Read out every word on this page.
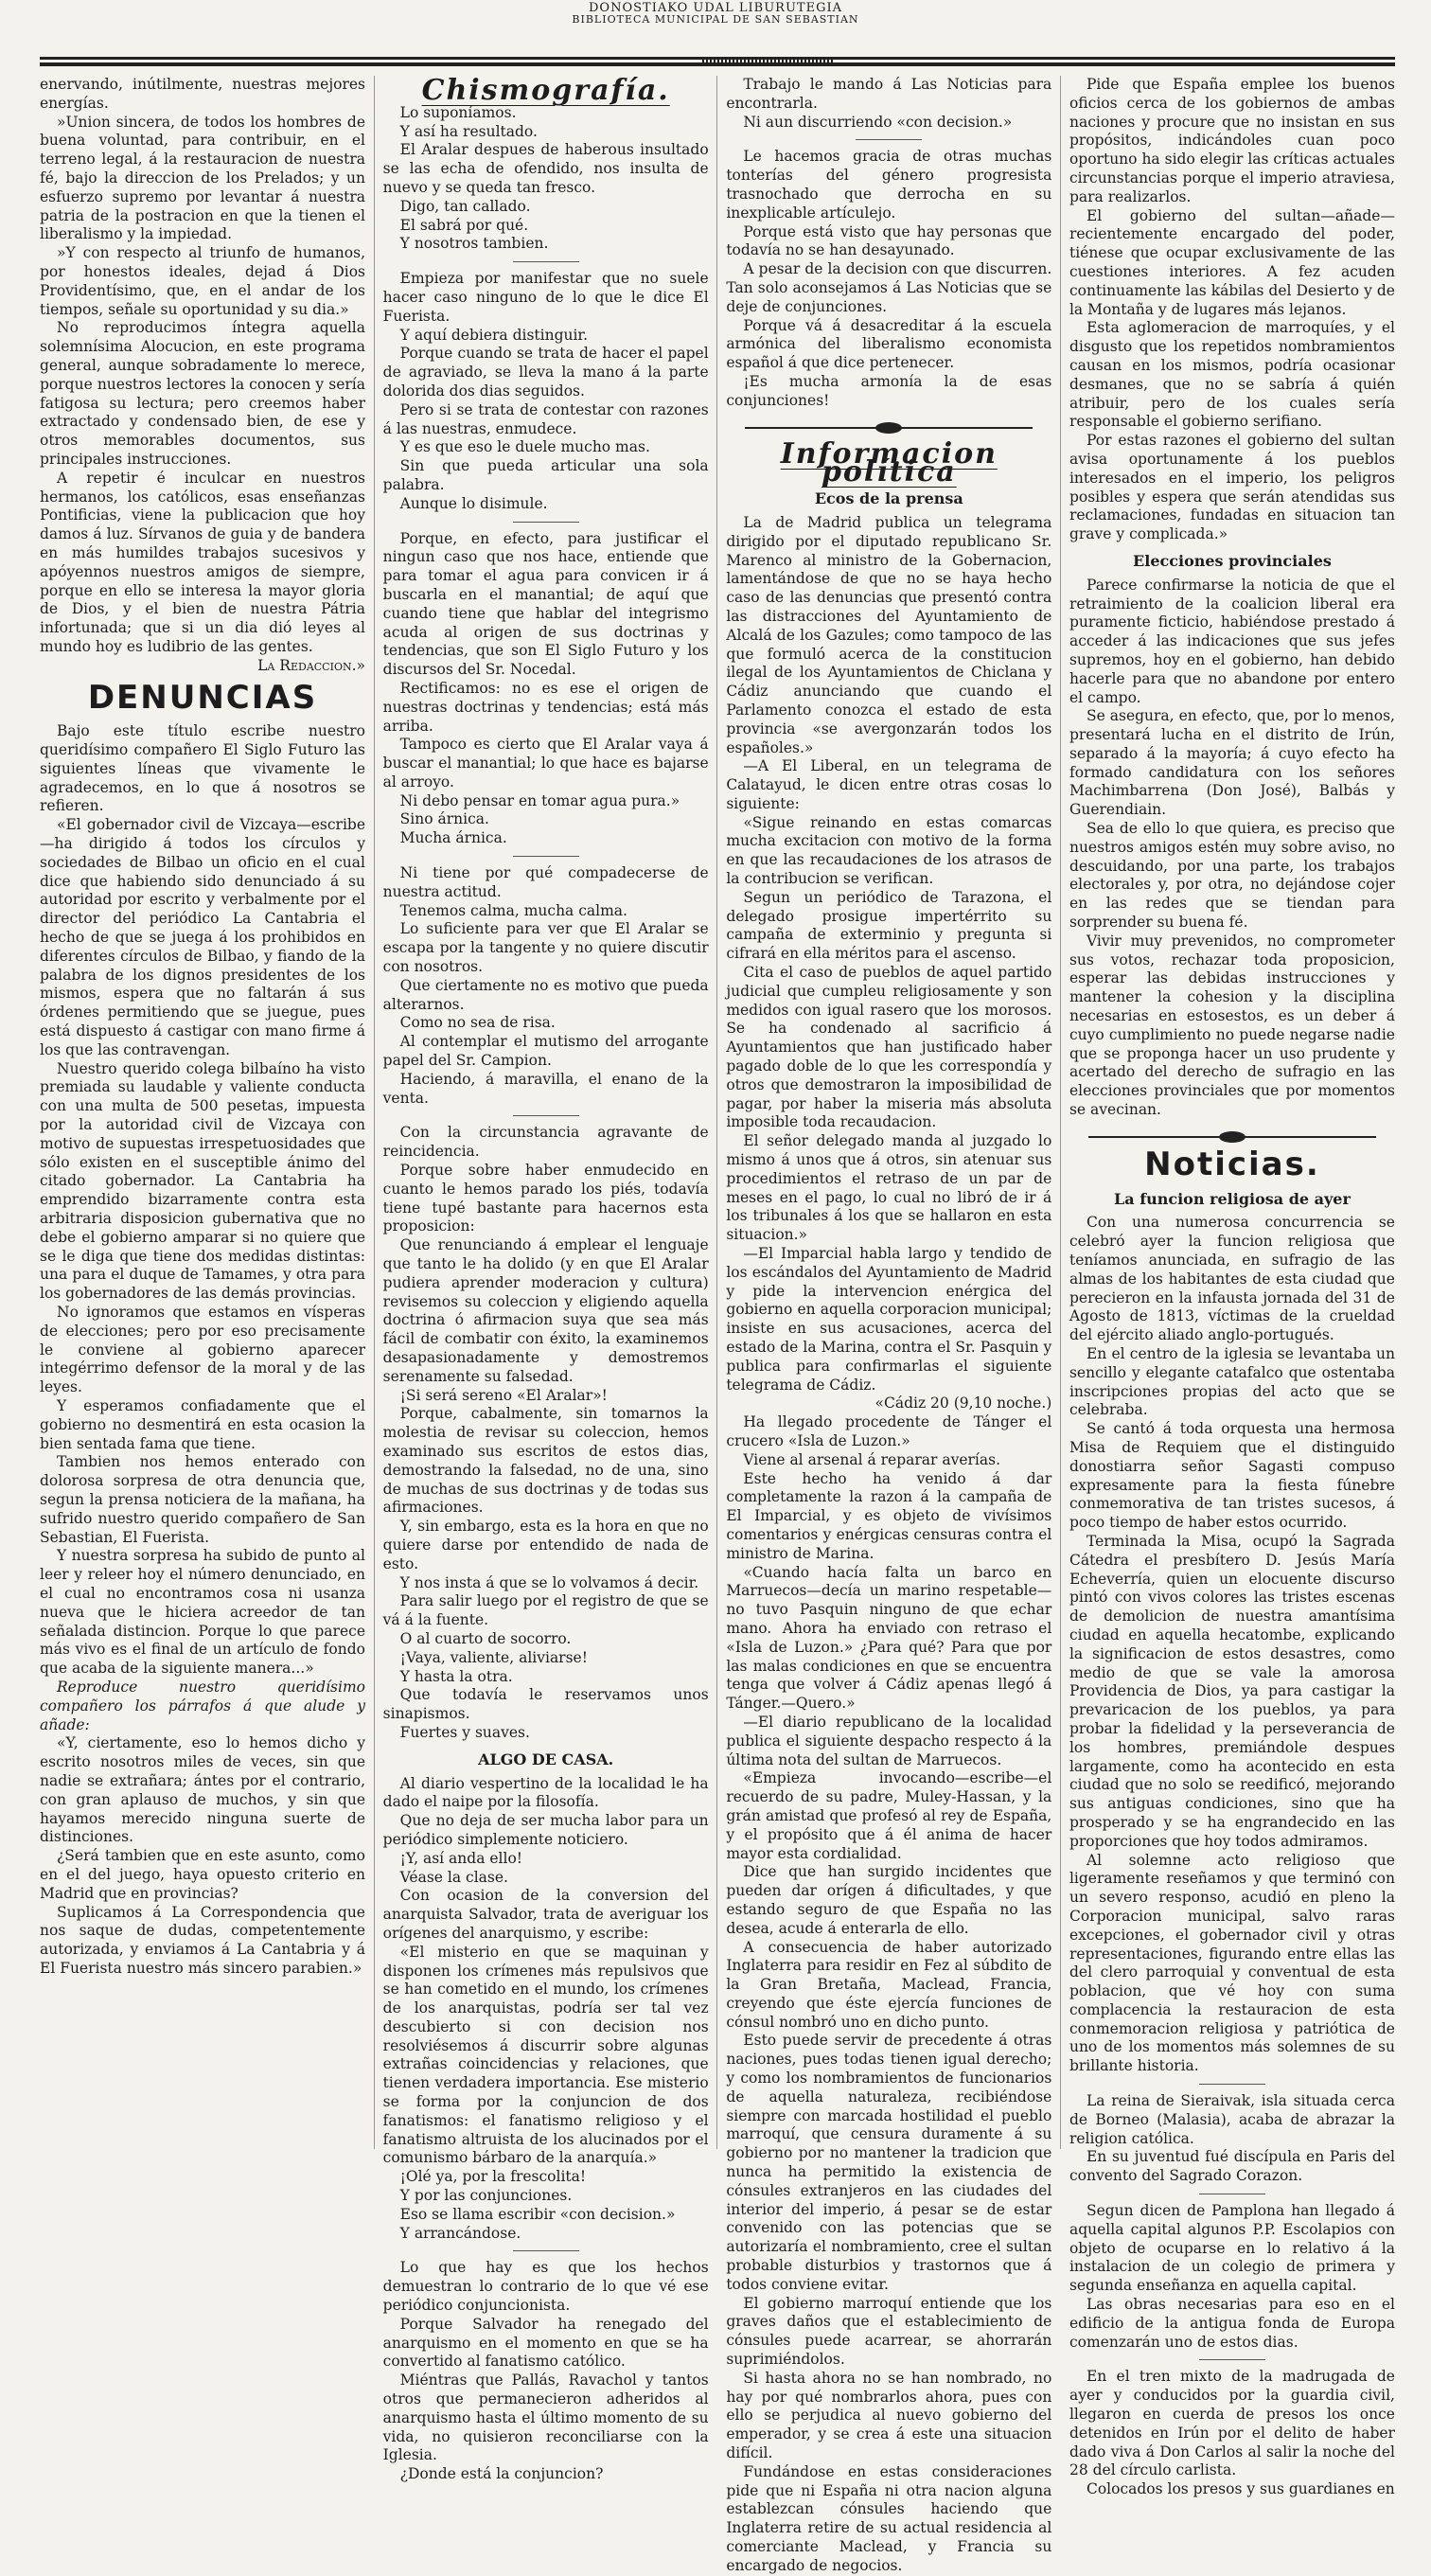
DONOSTIAKO UDAL LIBURUTEGIA
BIBLIOTECA MUNICIPAL DE SAN SEBASTIAN

enervando, inútilmente, nuestras mejores energías.

»Union sincera, de todos los hombres de buena voluntad, para contribuir, en el terreno legal, á la restauracion de nuestra fé, bajo la direccion de los Prelados; y un esfuerzo supremo por levantar á nuestra patria de la postracion en que la tienen el liberalismo y la impiedad.

»Y con respecto al triunfo de humanos, por honestos ideales, dejad á Dios Providentísimo, que, en el andar de los tiempos, señale su oportunidad y su dia.»

No reproducimos íntegra aquella solemnísima Alocucion, en este programa general, aunque sobradamente lo merece, porque nuestros lectores la conocen y sería fatigosa su lectura; pero creemos haber extractado y condensado bien, de ese y otros memorables documentos, sus principales instrucciones.

A repetir é inculcar en nuestros hermanos, los católicos, esas enseñanzas Pontificias, viene la publicacion que hoy damos á luz. Sírvanos de guia y de bandera en más humildes trabajos sucesivos y apóyennos nuestros amigos de siempre, porque en ello se interesa la mayor gloria de Dios, y el bien de nuestra Pátria infortunada; que si un dia dió leyes al mundo hoy es ludibrio de las gentes.

La Redaccion.»

DENUNCIAS

Bajo este título escribe nuestro queridísimo compañero El Siglo Futuro las siguientes líneas que vivamente le agradecemos, en lo que á nosotros se refieren.

«El gobernador civil de Vizcaya—escribe—ha dirigido á todos los círculos y sociedades de Bilbao un oficio en el cual dice que habiendo sido denunciado á su autoridad por escrito y verbalmente por el director del periódico La Cantabria el hecho de que se juega á los prohibidos en diferentes círculos de Bilbao, y fiando de la palabra de los dignos presidentes de los mismos, espera que no faltarán á sus órdenes permitiendo que se juegue, pues está dispuesto á castigar con mano firme á los que las contravengan.

Nuestro querido colega bilbaíno ha visto premiada su laudable y valiente conducta con una multa de 500 pesetas, impuesta por la autoridad civil de Vizcaya con motivo de supuestas irrespetuosidades que sólo existen en el susceptible ánimo del citado gobernador. La Cantabria ha emprendido bizarramente contra esta arbitraria disposicion gubernativa que no debe el gobierno amparar si no quiere que se le diga que tiene dos medidas distintas: una para el duque de Tamames, y otra para los gobernadores de las demás provincias.

No ignoramos que estamos en vísperas de elecciones; pero por eso precisamente le conviene al gobierno aparecer integérrimo defensor de la moral y de las leyes.

Y esperamos confiadamente que el gobierno no desmentirá en esta ocasion la bien sentada fama que tiene.

Tambien nos hemos enterado con dolorosa sorpresa de otra denuncia que, segun la prensa noticiera de la mañana, ha sufrido nuestro querido compañero de San Sebastian, El Fuerista.

Y nuestra sorpresa ha subido de punto al leer y releer hoy el número denunciado, en el cual no encontramos cosa ni usanza nueva que le hiciera acreedor de tan señalada distincion. Porque lo que parece más vivo es el final de un artículo de fondo que acaba de la siguiente manera...»

Reproduce nuestro queridísimo compañero los párrafos á que alude y añade:

«Y, ciertamente, eso lo hemos dicho y escrito nosotros miles de veces, sin que nadie se extrañara; ántes por el contrario, con gran aplauso de muchos, y sin que hayamos merecido ninguna suerte de distinciones.

¿Será tambien que en este asunto, como en el del juego, haya opuesto criterio en Madrid que en provincias?

Suplicamos á La Correspondencia que nos saque de dudas, competentemente autorizada, y enviamos á La Cantabria y á El Fuerista nuestro más sincero parabien.»

Chismografía.

Lo suponíamos.

Y así ha resultado.

El Aralar despues de haberous insultado se las echa de ofendido, nos insulta de nuevo y se queda tan fresco.

Digo, tan callado.

El sabrá por qué.

Y nosotros tambien.

Empieza por manifestar que no suele hacer caso ninguno de lo que le dice El Fuerista.

Y aquí debiera distinguir.

Porque cuando se trata de hacer el papel de agraviado, se lleva la mano á la parte dolorida dos dias seguidos.

Pero si se trata de contestar con razones á las nuestras, enmudece.

Y es que eso le duele mucho mas.

Sin que pueda articular una sola palabra.

Aunque lo disimule.

Porque, en efecto, para justificar el ningun caso que nos hace, entiende que para tomar el agua para convicen ir á buscarla en el manantial; de aquí que cuando tiene que hablar del integrismo acuda al origen de sus doctrinas y tendencias, que son El Siglo Futuro y los discursos del Sr. Nocedal.

Rectificamos: no es ese el origen de nuestras doctrinas y tendencias; está más arriba.

Tampoco es cierto que El Aralar vaya á buscar el manantial; lo que hace es bajarse al arroyo.

Ni debo pensar en tomar agua pura.»

Sino árnica.

Mucha árnica.

Ni tiene por qué compadecerse de nuestra actitud.

Tenemos calma, mucha calma.

Lo suficiente para ver que El Aralar se escapa por la tangente y no quiere discutir con nosotros.

Que ciertamente no es motivo que pueda alterarnos.

Como no sea de risa.

Al contemplar el mutismo del arrogante papel del Sr. Campion.

Haciendo, á maravilla, el enano de la venta.

Con la circunstancia agravante de reincidencia.

Porque sobre haber enmudecido en cuanto le hemos parado los piés, todavía tiene tupé bastante para hacernos esta proposicion:

Que renunciando á emplear el lenguaje que tanto le ha dolido (y en que El Aralar pudiera aprender moderacion y cultura) revisemos su coleccion y eligiendo aquella doctrina ó afirmacion suya que sea más fácil de combatir con éxito, la examinemos desapasionadamente y demostremos serenamente su falsedad.

¡Si será sereno «El Aralar»!

Porque, cabalmente, sin tomarnos la molestia de revisar su coleccion, hemos examinado sus escritos de estos dias, demostrando la falsedad, no de una, sino de muchas de sus doctrinas y de todas sus afirmaciones.

Y, sin embargo, esta es la hora en que no quiere darse por entendido de nada de esto.

Y nos insta á que se lo volvamos á decir.

Para salir luego por el registro de que se vá á la fuente.

O al cuarto de socorro.

¡Vaya, valiente, aliviarse!

Y hasta la otra.

Que todavía le reservamos unos sinapismos.

Fuertes y suaves.

ALGO DE CASA.

Al diario vespertino de la localidad le ha dado el naipe por la filosofía.

Que no deja de ser mucha labor para un periódico simplemente noticiero.

¡Y, así anda ello!

Véase la clase.

Con ocasion de la conversion del anarquista Salvador, trata de averiguar los orígenes del anarquismo, y escribe:

«El misterio en que se maquinan y disponen los crímenes más repulsivos que se han cometido en el mundo, los crímenes de los anarquistas, podría ser tal vez descubierto si con decision nos resolviésemos á discurrir sobre algunas extrañas coincidencias y relaciones, que tienen verdadera importancia. Ese misterio se forma por la conjuncion de dos fanatismos: el fanatismo religioso y el fanatismo altruista de los alucinados por el comunismo bárbaro de la anarquía.»

¡Olé ya, por la frescolita!

Y por las conjunciones.

Eso se llama escribir «con decision.»

Y arrancándose.

Lo que hay es que los hechos demuestran lo contrario de lo que vé ese periódico conjuncionista.

Porque Salvador ha renegado del anarquismo en el momento en que se ha convertido al fanatismo católico.

Miéntras que Pallás, Ravachol y tantos otros que permanecieron adheridos al anarquismo hasta el último momento de su vida, no quisieron reconciliarse con la Iglesia.

¿Donde está la conjuncion?

Trabajo le mando á Las Noticias para encontrarla.

Ni aun discurriendo «con decision.»

Le hacemos gracia de otras muchas tonterías del género progresista trasnochado que derrocha en su inexplicable artículejo.

Porque está visto que hay personas que todavía no se han desayunado.

A pesar de la decision con que discurren. Tan solo aconsejamos á Las Noticias que se deje de conjunciones.

Porque vá á desacreditar á la escuela armónica del liberalismo economista español á que dice pertenecer.

¡Es mucha armonía la de esas conjunciones!

Informacion política
Ecos de la prensa

La de Madrid publica un telegrama dirigido por el diputado republicano Sr. Marenco al ministro de la Gobernacion, lamentándose de que no se haya hecho caso de las denuncias que presentó contra las distracciones del Ayuntamiento de Alcalá de los Gazules; como tampoco de las que formuló acerca de la constitucion ilegal de los Ayuntamientos de Chiclana y Cádiz anunciando que cuando el Parlamento conozca el estado de esta provincia «se avergonzarán todos los españoles.»

—A El Liberal, en un telegrama de Calatayud, le dicen entre otras cosas lo siguiente:

«Sigue reinando en estas comarcas mucha excitacion con motivo de la forma en que las recaudaciones de los atrasos de la contribucion se verifican.

Segun un periódico de Tarazona, el delegado prosigue impertérrito su campaña de exterminio y pregunta si cifrará en ella méritos para el ascenso.

Cita el caso de pueblos de aquel partido judicial que cumpleu religiosamente y son medidos con igual rasero que los morosos. Se ha condenado al sacrificio á Ayuntamientos que han justificado haber pagado doble de lo que les correspondía y otros que demostraron la imposibilidad de pagar, por haber la miseria más absoluta imposible toda recaudacion.

El señor delegado manda al juzgado lo mismo á unos que á otros, sin atenuar sus procedimientos el retraso de un par de meses en el pago, lo cual no libró de ir á los tribunales á los que se hallaron en esta situacion.»

—El Imparcial habla largo y tendido de los escándalos del Ayuntamiento de Madrid y pide la intervencion enérgica del gobierno en aquella corporacion municipal; insiste en sus acusaciones, acerca del estado de la Marina, contra el Sr. Pasquin y publica para confirmarlas el siguiente telegrama de Cádiz.

«Cádiz 20 (9,10 noche.)

Ha llegado procedente de Tánger el crucero «Isla de Luzon.»

Viene al arsenal á reparar averías.

Este hecho ha venido á dar completamente la razon á la campaña de El Imparcial, y es objeto de vivísimos comentarios y enérgicas censuras contra el ministro de Marina.

«Cuando hacía falta un barco en Marruecos—decía un marino respetable—no tuvo Pasquin ninguno de que echar mano. Ahora ha enviado con retraso el «Isla de Luzon.» ¿Para qué? Para que por las malas condiciones en que se encuentra tenga que volver á Cádiz apenas llegó á Tánger.—Quero.»

—El diario republicano de la localidad publica el siguiente despacho respecto á la última nota del sultan de Marruecos.

«Empieza invocando—escribe—el recuerdo de su padre, Muley-Hassan, y la grán amistad que profesó al rey de España, y el propósito que á él anima de hacer mayor esta cordialidad.

Dice que han surgido incidentes que pueden dar orígen á dificultades, y que estando seguro de que España no las desea, acude á enterarla de ello.

A consecuencia de haber autorizado Inglaterra para residir en Fez al súbdito de la Gran Bretaña, Maclead, Francia, creyendo que éste ejercía funciones de cónsul nombró uno en dicho punto.

Esto puede servir de precedente á otras naciones, pues todas tienen igual derecho; y como los nombramientos de funcionarios de aquella naturaleza, recibiéndose siempre con marcada hostilidad el pueblo marroquí, que censura duramente á su gobierno por no mantener la tradicion que nunca ha permitido la existencia de cónsules extranjeros en las ciudades del interior del imperio, á pesar se de estar convenido con las potencias que se autorizaría el nombramiento, cree el sultan probable disturbios y trastornos que á todos conviene evitar.

El gobierno marroquí entiende que los graves daños que el establecimiento de cónsules puede acarrear, se ahorrarán suprimiéndolos.

Si hasta ahora no se han nombrado, no hay por qué nombrarlos ahora, pues con ello se perjudica al nuevo gobierno del emperador, y se crea á este una situacion difícil.

Fundándose en estas consideraciones pide que ni España ni otra nacion alguna establezcan cónsules haciendo que Inglaterra retire de su actual residencia al comerciante Maclead, y Francia su encargado de negocios.

Pide que España emplee los buenos oficios cerca de los gobiernos de ambas naciones y procure que no insistan en sus propósitos, indicándoles cuan poco oportuno ha sido elegir las críticas actuales circunstancias porque el imperio atraviesa, para realizarlos.

El gobierno del sultan—añade—recientemente encargado del poder, tiénese que ocupar exclusivamente de las cuestiones interiores. A fez acuden continuamente las kábilas del Desierto y de la Montaña y de lugares más lejanos.

Esta aglomeracion de marroquíes, y el disgusto que los repetidos nombramientos causan en los mismos, podría ocasionar desmanes, que no se sabría á quién atribuir, pero de los cuales sería responsable el gobierno serifiano.

Por estas razones el gobierno del sultan avisa oportunamente á los pueblos interesados en el imperio, los peligros posibles y espera que serán atendidas sus reclamaciones, fundadas en situacion tan grave y complicada.»

Elecciones provinciales

Parece confirmarse la noticia de que el retraimiento de la coalicion liberal era puramente ficticio, habiéndose prestado á acceder á las indicaciones que sus jefes supremos, hoy en el gobierno, han debido hacerle para que no abandone por entero el campo.

Se asegura, en efecto, que, por lo menos, presentará lucha en el distrito de Irún, separado á la mayoría; á cuyo efecto ha formado candidatura con los señores Machimbarrena (Don José), Balbás y Guerendiain.

Sea de ello lo que quiera, es preciso que nuestros amigos estén muy sobre aviso, no descuidando, por una parte, los trabajos electorales y, por otra, no dejándose cojer en las redes que se tiendan para sorprender su buena fé.

Vivir muy prevenidos, no comprometer sus votos, rechazar toda proposicion, esperar las debidas instrucciones y mantener la cohesion y la disciplina necesarias en estosestos, es un deber á cuyo cumplimiento no puede negarse nadie que se proponga hacer un uso prudente y acertado del derecho de sufragio en las elecciones provinciales que por momentos se avecinan.

Noticias.
La funcion religiosa de ayer

Con una numerosa concurrencia se celebró ayer la funcion religiosa que teníamos anunciada, en sufragio de las almas de los habitantes de esta ciudad que perecieron en la infausta jornada del 31 de Agosto de 1813, víctimas de la crueldad del ejército aliado anglo-portugués.

En el centro de la iglesia se levantaba un sencillo y elegante catafalco que ostentaba inscripciones propias del acto que se celebraba.

Se cantó á toda orquesta una hermosa Misa de Requiem que el distinguido donostiarra señor Sagasti compuso expresamente para la fiesta fúnebre conmemorativa de tan tristes sucesos, á poco tiempo de haber estos ocurrido.

Terminada la Misa, ocupó la Sagrada Cátedra el presbítero D. Jesús María Echeverría, quien un elocuente discurso pintó con vivos colores las tristes escenas de demolicion de nuestra amantísima ciudad en aquella hecatombe, explicando la significacion de estos desastres, como medio de que se vale la amorosa Providencia de Dios, ya para castigar la prevaricacion de los pueblos, ya para probar la fidelidad y la perseverancia de los hombres, premiándole despues largamente, como ha acontecido en esta ciudad que no solo se reedificó, mejorando sus antiguas condiciones, sino que ha prosperado y se ha engrandecido en las proporciones que hoy todos admiramos.

Al solemne acto religioso que ligeramente reseñamos y que terminó con un severo responso, acudió en pleno la Corporacion municipal, salvo raras excepciones, el gobernador civil y otras representaciones, figurando entre ellas las del clero parroquial y conventual de esta poblacion, que vé hoy con suma complacencia la restauracion de esta conmemoracion religiosa y patriótica de uno de los momentos más solemnes de su brillante historia.

La reina de Sieraivak, isla situada cerca de Borneo (Malasia), acaba de abrazar la religion católica.

En su juventud fué discípula en Paris del convento del Sagrado Corazon.

Segun dicen de Pamplona han llegado á aquella capital algunos P.P. Escolapios con objeto de ocuparse en lo relativo á la instalacion de un colegio de primera y segunda enseñanza en aquella capital.

Las obras necesarias para eso en el edificio de la antigua fonda de Europa comenzarán uno de estos dias.

En el tren mixto de la madrugada de ayer y conducidos por la guardia civil, llegaron en cuerda de presos los once detenidos en Irún por el delito de haber dado viva á Don Carlos al salir la noche del 28 del círculo carlista.

Colocados los presos y sus guardianes en
